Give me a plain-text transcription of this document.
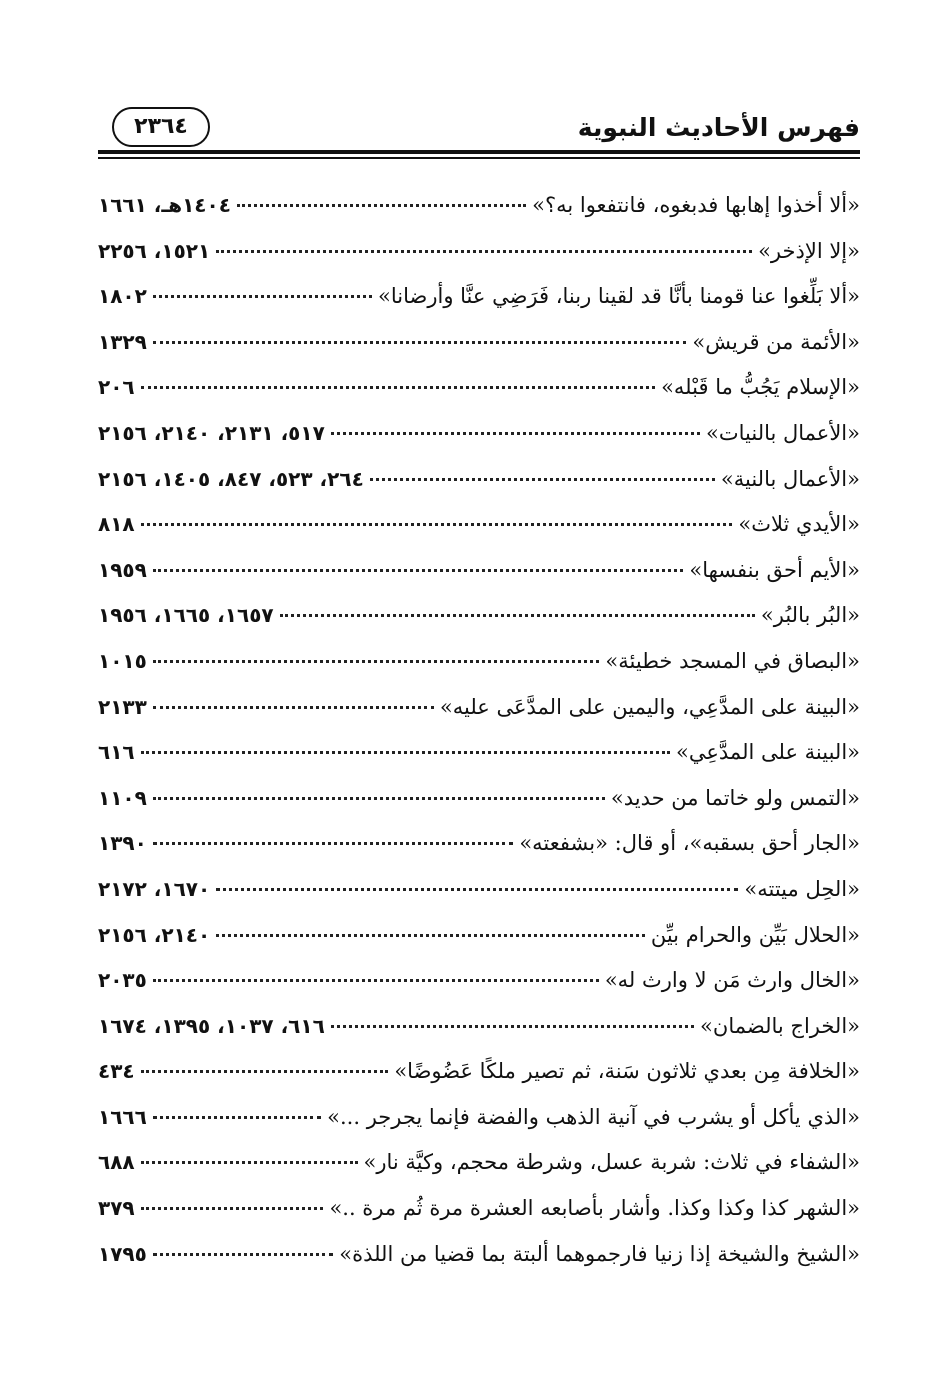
فهرس الأحاديث النبوية
٢٣٦٤
«ألا أخذوا إهابها فدبغوه، فانتفعوا به؟»
١٤٠٤هـ، ١٦٦١
«إلا الإذخر»
١٥٢١، ٢٢٥٦
«ألا بَلِّغوا عنا قومنا بأنَّا قد لقينا ربنا، فَرَضِي عنَّا وأرضانا»
١٨٠٢
«الأئمة من قريش»
١٣٢٩
«الإسلام يَجُبُّ ما قَبْله»
٢٠٦
«الأعمال بالنيات»
٥١٧، ٢١٣١، ٢١٤٠، ٢١٥٦
«الأعمال بالنية»
٢٦٤، ٥٢٣، ٨٤٧، ١٤٠٥، ٢١٥٦
«الأيدي ثلاث»
٨١٨
«الأيم أحق بنفسها»
١٩٥٩
«البُر بالبُر»
١٦٥٧، ١٦٦٥، ١٩٥٦
«البصاق في المسجد خطيئة»
١٠١٥
«البينة على المدَّعِي، واليمين على المدَّعَى عليه»
٢١٣٣
«البينة على المدَّعِي»
٦١٦
«التمس ولو خاتما من حديد»
١١٠٩
«الجار أحق بسقبه»، أو قال: «بشفعته»
١٣٩٠
«الحِل ميتته»
١٦٧٠، ٢١٧٢
«الحلال بَيِّن والحرام بيِّن
٢١٤٠، ٢١٥٦
«الخال وارث مَن لا وارث له»
٢٠٣٥
«الخراج بالضمان»
٦١٦، ١٠٣٧، ١٣٩٥، ١٦٧٤
«الخلافة مِن بعدي ثلاثون سَنة، ثم تصير ملكًا عَضُوضًا»
٤٣٤
«الذي يأكل أو يشرب في آنية الذهب والفضة فإنما يجرجر ...»
١٦٦٦
«الشفاء في ثلاث: شربة عسل، وشرطة محجم، وكيَّة نار»
٦٨٨
«الشهر كذا وكذا وكذا. وأشار بأصابعه العشرة مرة ثُم مرة ..»
٣٧٩
«الشيخ والشيخة إذا زنيا فارجموهما ألبتة بما قضيا من اللذة»
١٧٩٥
